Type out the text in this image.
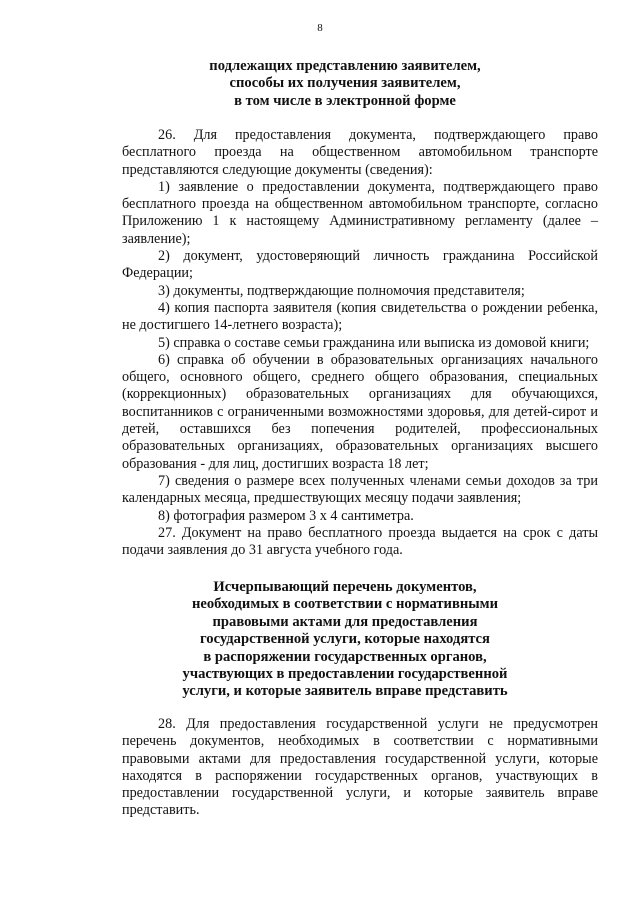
8
подлежащих представлению заявителем,
способы их получения заявителем,
в том числе в электронной форме

26. Для предоставления документа, подтверждающего право бесплатного проезда на общественном автомобильном транспорте представляются следующие документы (сведения):

1) заявление о предоставлении документа, подтверждающего право бесплатного проезда на общественном автомобильном транспорте, согласно Приложению 1 к настоящему Административному регламенту (далее – заявление);

2) документ, удостоверяющий личность гражданина Российской Федерации;

3) документы, подтверждающие полномочия представителя;

4) копия паспорта заявителя (копия свидетельства о рождении ребенка, не достигшего 14-летнего возраста);

5) справка о составе семьи гражданина или выписка из домовой книги;

6) справка об обучении в образовательных организациях начального общего, основного общего, среднего общего образования, специальных (коррекционных) образовательных организациях для обучающихся, воспитанников с ограниченными возможностями здоровья, для детей-сирот и детей, оставшихся без попечения родителей, профессиональных образовательных организациях, образовательных организациях высшего образования - для лиц, достигших возраста 18 лет;

7) сведения о размере всех полученных членами семьи доходов за три календарных месяца, предшествующих месяцу подачи заявления;

8) фотография размером 3 х 4 сантиметра.

27. Документ на право бесплатного проезда выдается на срок с даты подачи заявления до 31 августа учебного года.

Исчерпывающий перечень документов,
необходимых в соответствии с нормативными
правовыми актами для предоставления
государственной услуги, которые находятся
в распоряжении государственных органов,
участвующих в предоставлении государственной
услуги, и которые заявитель вправе представить

28. Для предоставления государственной услуги не предусмотрен перечень документов, необходимых в соответствии с нормативными правовыми актами для предоставления государственной услуги, которые находятся в распоряжении государственных органов, участвующих в предоставлении государственной услуги, и которые заявитель вправе представить.
